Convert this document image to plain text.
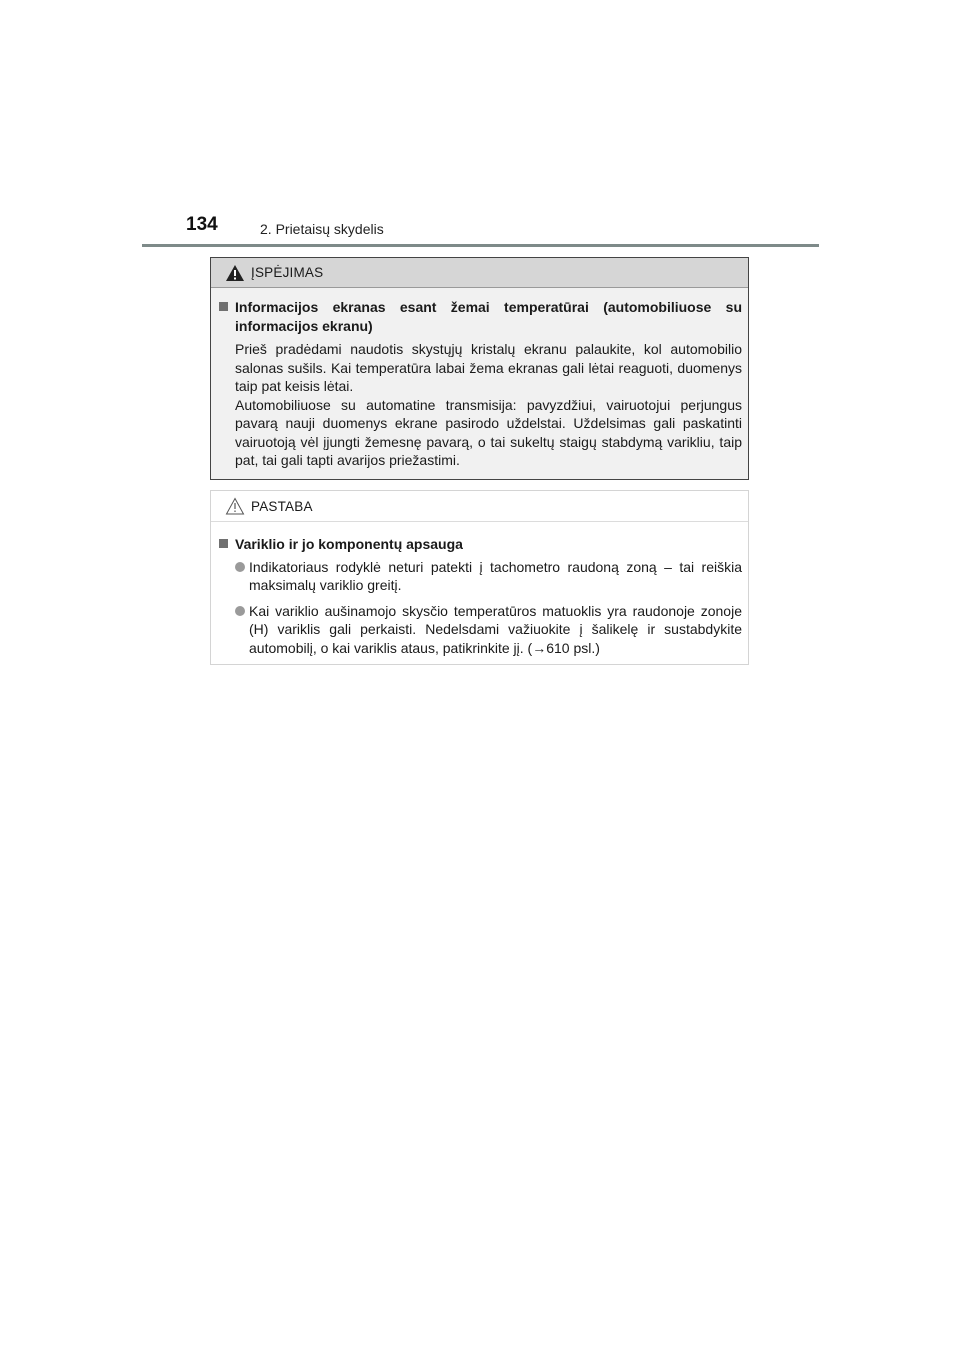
134	2. Prietaisų skydelis
ĮSPĖJIMAS
Informacijos ekranas esant žemai temperatūrai (automobiliuose su informacijos ekranu)

Prieš pradėdami naudotis skystųjų kristalų ekranu palaukite, kol automobilio salonas sušils. Kai temperatūra labai žema ekranas gali lėtai reaguoti, duomenys taip pat keisis lėtai.

Automobiliuose su automatine transmisija: pavyzdžiui, vairuotojui perjungus pavarą nauji duomenys ekrane pasirodo uždelstai. Uždelsimas gali paskatinti vairuotoją vėl įjungti žemesnę pavarą, o tai sukeltų staigų stabdymą varikliu, taip pat, tai gali tapti avarijos priežastimi.

PASTABA
Variklio ir jo komponentų apsauga
Indikatoriaus rodyklė neturi patekti į tachometro raudoną zoną – tai reiškia maksimalų variklio greitį.
Kai variklio aušinamojo skysčio temperatūros matuoklis yra raudonoje zonoje (H) variklis gali perkaisti. Nedelsdami važiuokite į šalikelę ir sustabdykite automobilį, o kai variklis ataus, patikrinkite jį. (→610 psl.)
